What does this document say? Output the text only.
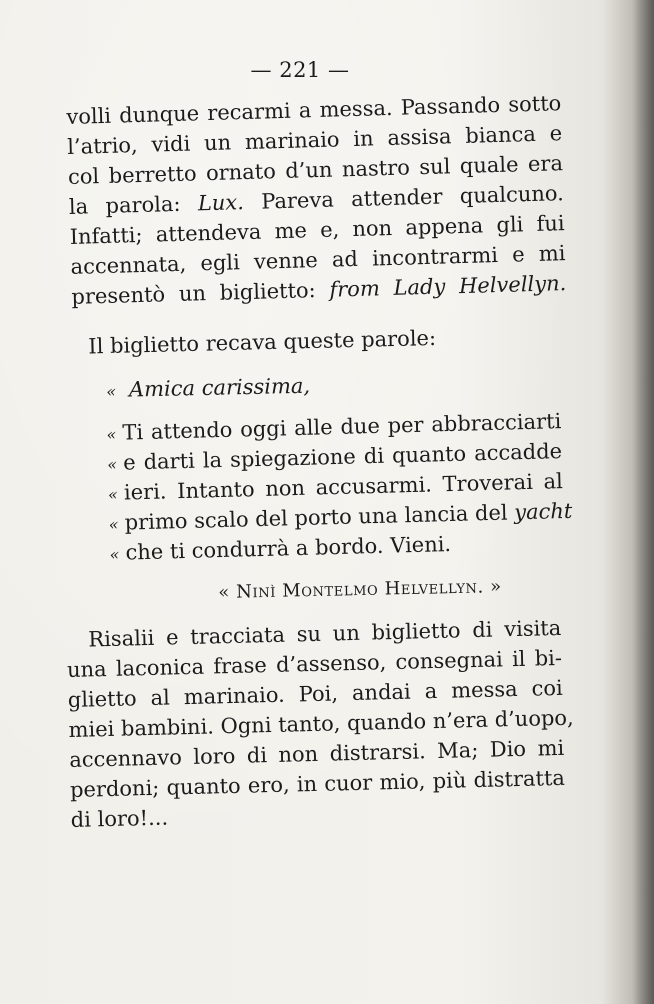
— 221 —
volli dunque recarmi a messa. Passando sotto
l’atrio, vidi un marinaio in assisa bianca e
col berretto ornato d’un nastro sul quale era
la parola: Lux. Pareva attender qualcuno.
Infatti; attendeva me e, non appena gli fui
accennata, egli venne ad incontrarmi e mi
presentò un biglietto: from Lady Helvellyn.
Il biglietto recava queste parole:
« Amica carissima,
« Ti attendo oggi alle due per abbracciarti
« e darti la spiegazione di quanto accadde
« ieri. Intanto non accusarmi. Troverai al
« primo scalo del porto una lancia del yacht
« che ti condurrà a bordo. Vieni.
« Ninì Montelmo Helvellyn. »
Risalii e tracciata su un biglietto di visita
una laconica frase d’assenso, consegnai il bi-
glietto al marinaio. Poi, andai a messa coi
miei bambini. Ogni tanto, quando n’era d’uopo,
accennavo loro di non distrarsi. Ma; Dio mi
perdoni; quanto ero, in cuor mio, più distratta
di loro!...
